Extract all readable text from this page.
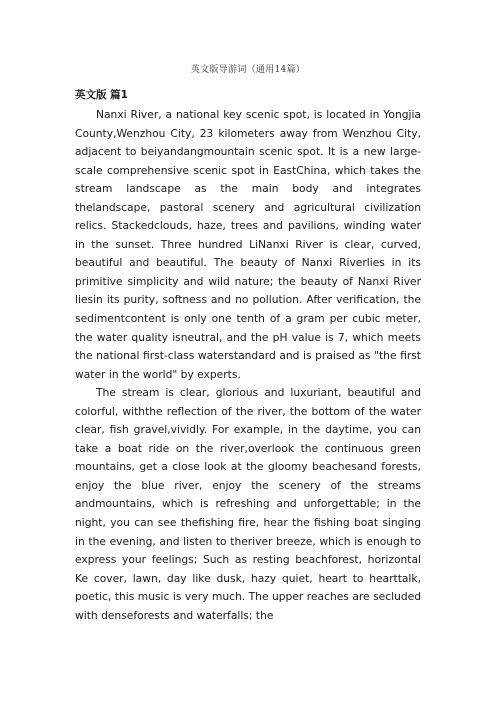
英文版导游词（通用14篇）
英文版 篇1

Nanxi River, a national key scenic spot, is located in Yongjia County,Wenzhou City, 23 kilometers away from Wenzhou City, adjacent to beiyandangmountain scenic spot. It is a new large-scale comprehensive scenic spot in EastChina, which takes the stream landscape as the main body and integrates thelandscape, pastoral scenery and agricultural civilization relics. Stackedclouds, haze, trees and pavilions, winding water in the sunset. Three hundred LiNanxi River is clear, curved, beautiful and beautiful. The beauty of Nanxi Riverlies in its primitive simplicity and wild nature; the beauty of Nanxi River liesin its purity, softness and no pollution. After verification, the sedimentcontent is only one tenth of a gram per cubic meter, the water quality isneutral, and the pH value is 7, which meets the national first-class waterstandard and is praised as "the first water in the world" by experts.

The stream is clear, glorious and luxuriant, beautiful and colorful, withthe reflection of the river, the bottom of the water clear, fish gravel,vividly. For example, in the daytime, you can take a boat ride on the river,overlook the continuous green mountains, get a close look at the gloomy beachesand forests, enjoy the blue river, enjoy the scenery of the streams andmountains, which is refreshing and unforgettable; in the night, you can see thefishing fire, hear the fishing boat singing in the evening, and listen to theriver breeze, which is enough to express your feelings; Such as resting beachforest, horizontal Ke cover, lawn, day like dusk, hazy quiet, heart to hearttalk, poetic, this music is very much. The upper reaches are secluded with denseforests and waterfalls; the
